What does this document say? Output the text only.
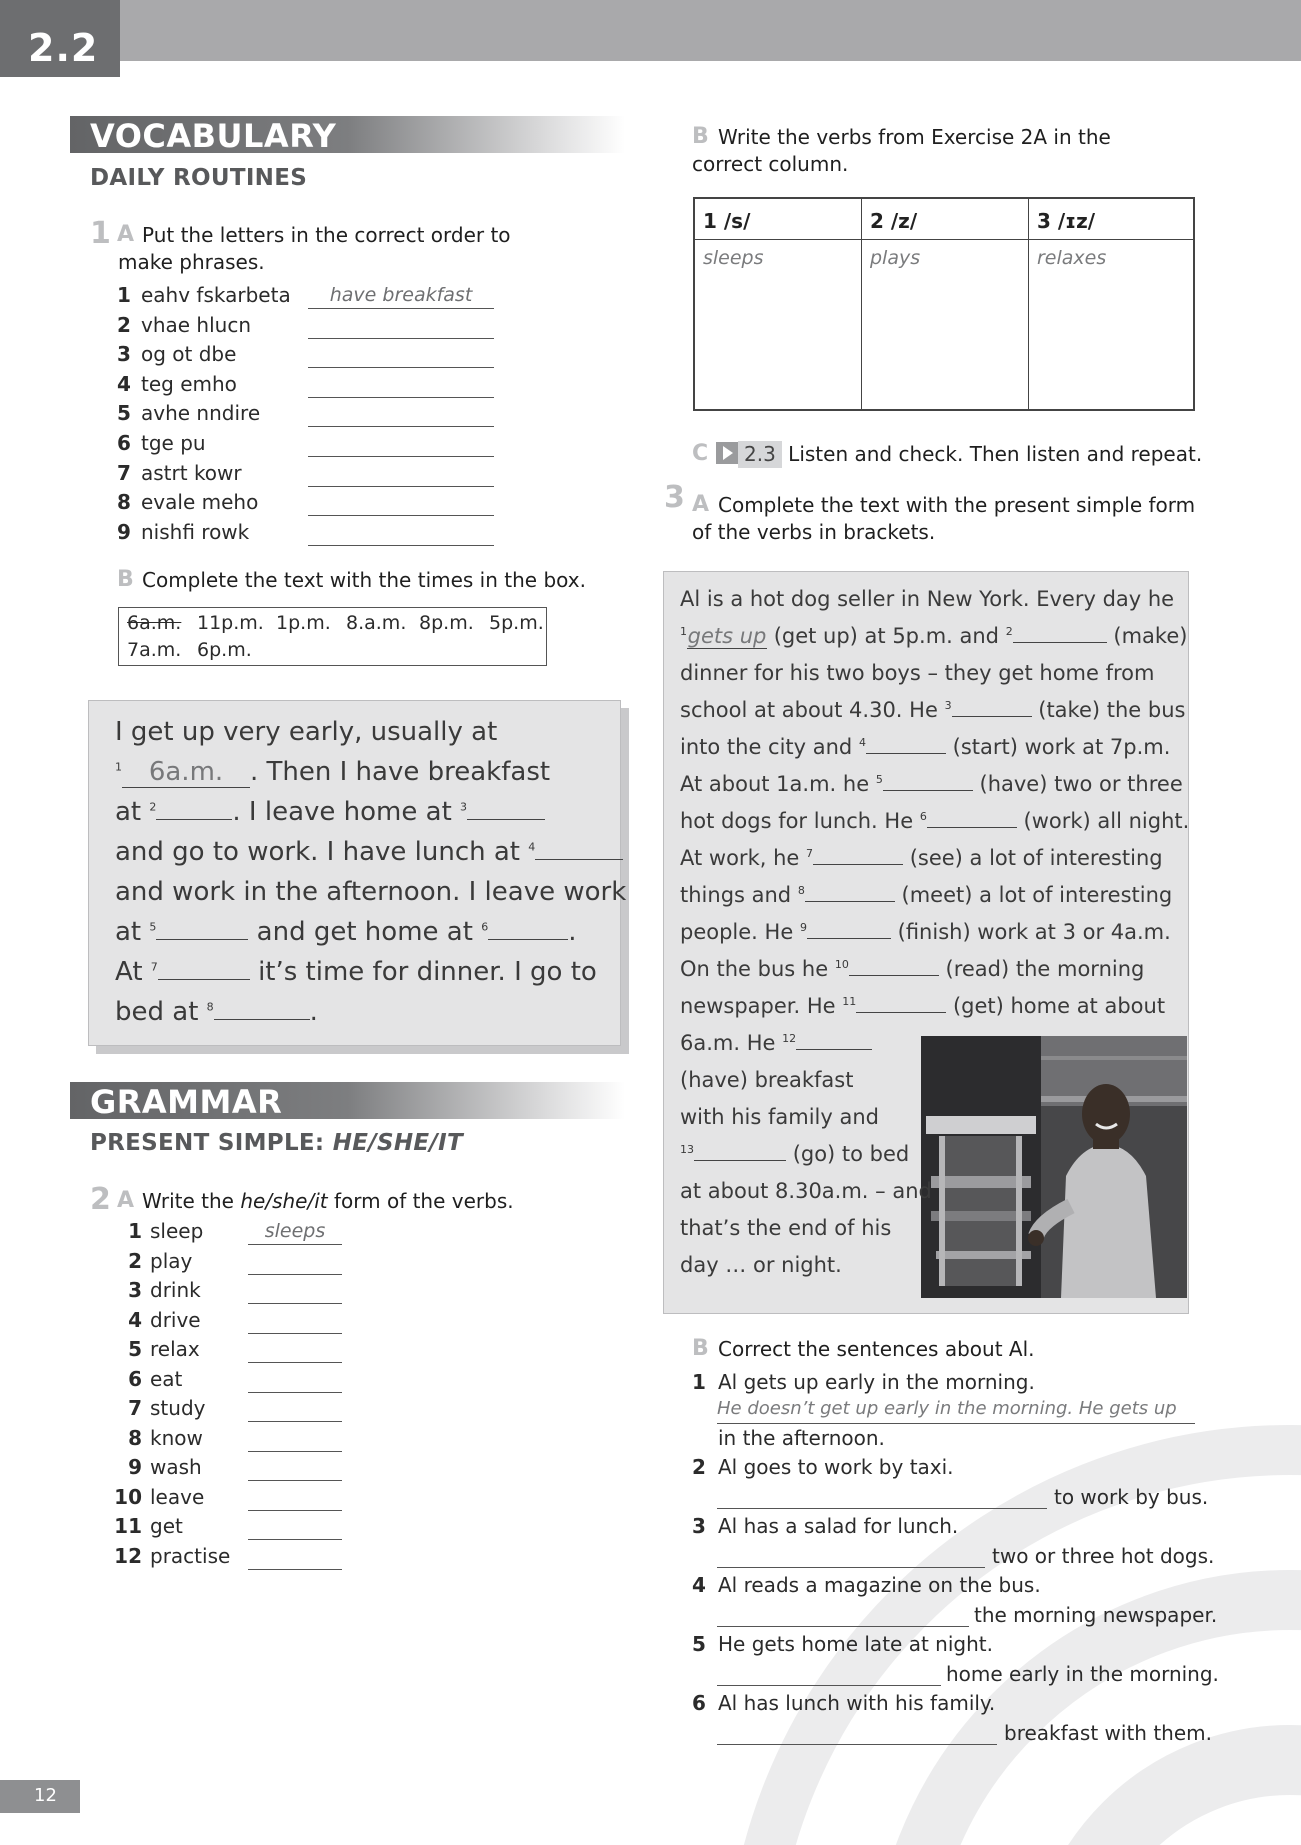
2.2
VOCABULARY
DAILY ROUTINES
1 A Put the letters in the correct order to make phrases.
1 eahv fskarbeta	have breakfast
2 vhae hlucn
3 og ot dbe
4 teg emho
5 avhe nndire
6 tge pu
7 astrt kowr
8 evale meho
9 nishfi rowk
B Complete the text with the times in the box.
6a.m. 11p.m. 1p.m. 8.a.m. 8p.m. 5p.m.
7a.m. 6p.m.
I get up very early, usually at
$^1$ 6a.m. . Then I have breakfast
at $^2$	. I leave home at $^3$
and go to work. I have lunch at $^4$
and work in the afternoon. I leave work
at $^5$	and get home at $^6$	.
At $^7$	it’s time for dinner. I go to
bed at $^8$	.
GRAMMAR
PRESENT SIMPLE: HE/SHE/IT
2 A Write the he/she/it form of the verbs.
1 sleep	sleeps
2 play
3 drink
4 drive
5 relax
6 eat
7 study
8 know
9 wash
10 leave
11 get
12 practise
B Write the verbs from Exercise 2A in the correct column.
1 /s/	2 /z/	3 /ɪz/
sleeps	plays	relaxes
C	2.3 Listen and check. Then listen and repeat.
3 A Complete the text with the present simple form of the verbs in brackets.
Al is a hot dog seller in New York. Every day he
$^1$gets up (get up) at 5p.m. and $^2$	(make)
dinner for his two boys – they get home from
school at about 4.30. He $^3$	(take) the bus
into the city and $^4$	(start) work at 7p.m.
At about 1a.m. he $^5$	(have) two or three
hot dogs for lunch. He $^6$	(work) all night.
At work, he $^7$	(see) a lot of interesting
things and $^8$	(meet) a lot of interesting
people. He $^9$	(finish) work at 3 or 4a.m.
On the bus he $^{10}$	(read) the morning
newspaper. He $^{11}$	(get) home at about
6a.m. He $^{12}$
(have) breakfast
with his family and
$^{13}$	(go) to bed
at about 8.30a.m. – and
that’s the end of his
day … or night.
B Correct the sentences about Al.
1 Al gets up early in the morning.
He doesn’t get up early in the morning. He gets up
in the afternoon.
2 Al goes to work by taxi.
to work by bus.
3 Al has a salad for lunch.
two or three hot dogs.
4 Al reads a magazine on the bus.
the morning newspaper.
5 He gets home late at night.
home early in the morning.
6 Al has lunch with his family.
breakfast with them.
12
